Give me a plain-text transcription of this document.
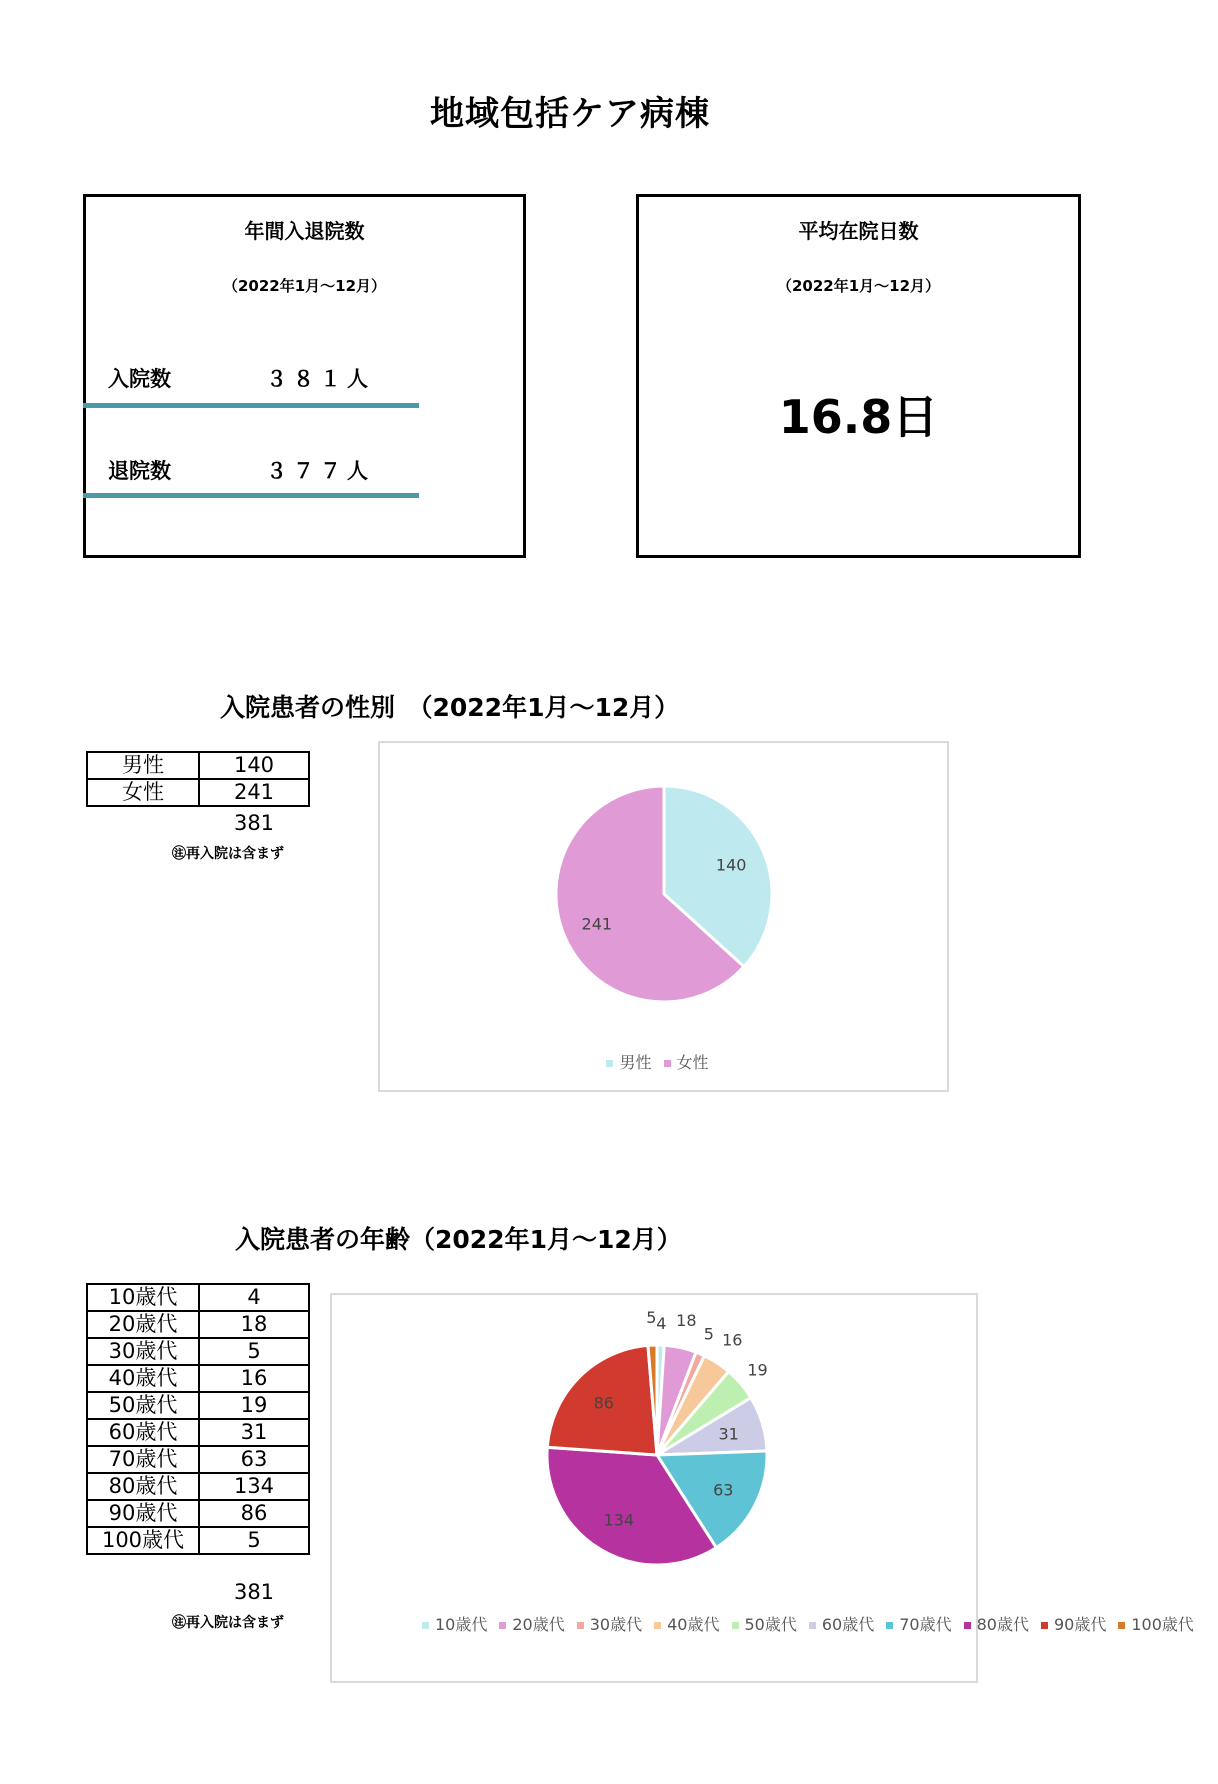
地域包括ケア病棟
年間入退院数
（2022年1月～12月）
入院数	３８１人
退院数	３７７人
平均在院日数
（2022年1月～12月）
16.8日
入院患者の性別　（2022年1月～12月）
男性	140
女性	241
381
㊟再入院は含まず
140
241
男性 女性
入院患者の年齢（2022年1月～12月）
10歳代	4
20歳代	18
30歳代	5
40歳代	16
50歳代	19
60歳代	31
70歳代	63
80歳代	134
90歳代	86
100歳代	5
381
㊟再入院は含まず
4 18
5 16
19
31
63
134
86
5
10歳代 20歳代 30歳代 40歳代 50歳代 60歳代 70歳代 80歳代 90歳代 100歳代
